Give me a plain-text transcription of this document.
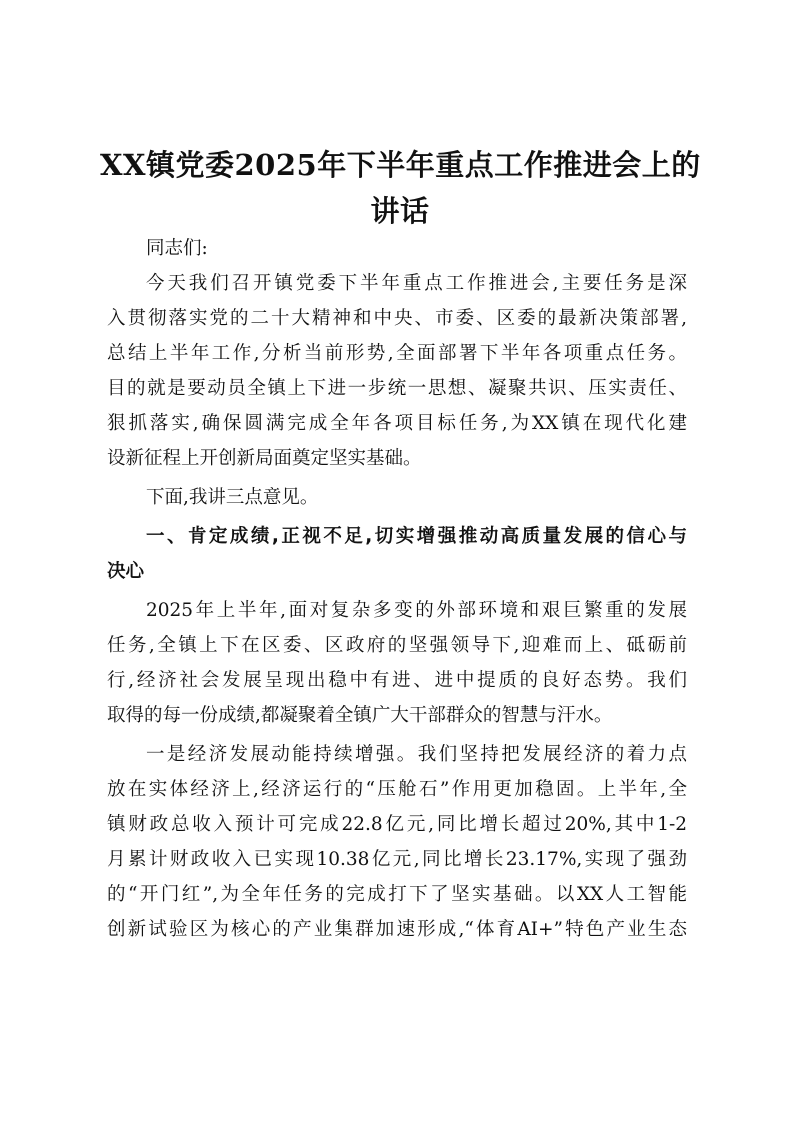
XX镇党委2025年下半年重点工作推进会上的
讲话

同志们:

今天我们召开镇党委下半年重点工作推进会,主要任务是深

入贯彻落实党的二十大精神和中央、市委、区委的最新决策部署,

总结上半年工作,分析当前形势,全面部署下半年各项重点任务。

目的就是要动员全镇上下进一步统一思想、凝聚共识、压实责任、

狠抓落实,确保圆满完成全年各项目标任务,为XX镇在现代化建

设新征程上开创新局面奠定坚实基础。

下面,我讲三点意见。

一、肯定成绩,正视不足,切实增强推动高质量发展的信心与

决心

2025年上半年,面对复杂多变的外部环境和艰巨繁重的发展

任务,全镇上下在区委、区政府的坚强领导下,迎难而上、砥砺前

行,经济社会发展呈现出稳中有进、进中提质的良好态势。我们

取得的每一份成绩,都凝聚着全镇广大干部群众的智慧与汗水。

一是经济发展动能持续增强。我们坚持把发展经济的着力点

放在实体经济上,经济运行的“压舱石”作用更加稳固。上半年,全

镇财政总收入预计可完成22.8亿元,同比增长超过20%,其中1-2

月累计财政收入已实现10.38亿元,同比增长23.17%,实现了强劲

的“开门红”,为全年任务的完成打下了坚实基础。以XX人工智能

创新试验区为核心的产业集群加速形成,“体育AI+”特色产业生态
